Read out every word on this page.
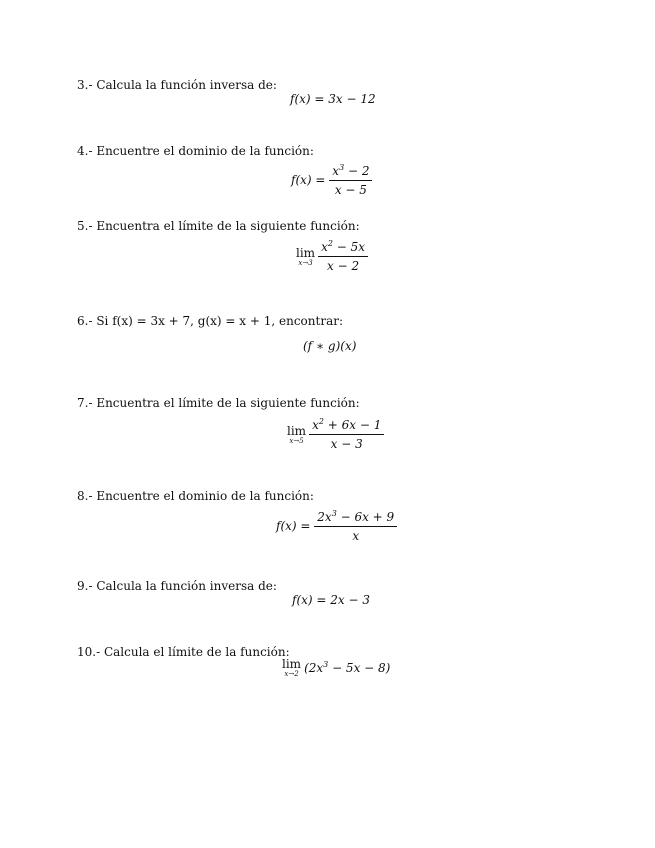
3.- Calcula la función inversa de:
f(x) = 3x − 12
4.- Encuentre el dominio de la función:
$f(x) = \frac{x^3 - 2}{x - 5}$
5.- Encuentra el límite de la siguiente función:
lim
$x\to 3 \frac{x^2 - 5x}{x - 2}$
6.- Si f(x) = 3x + 7, g(x) = x + 1, encontrar:
(f ∗ g)(x)
7.- Encuentra el límite de la siguiente función:
lim
$x\to 5 \frac{x^2 + 6x - 1}{x - 3}$
8.- Encuentre el dominio de la función:
$f(x) = \frac{2x^3 - 6x + 9}{x}$
9.- Calcula la función inversa de:
f(x) = 2x − 3
10.- Calcula el límite de la función:
lim
x→2 $(2x^3 - 5x - 8)$
